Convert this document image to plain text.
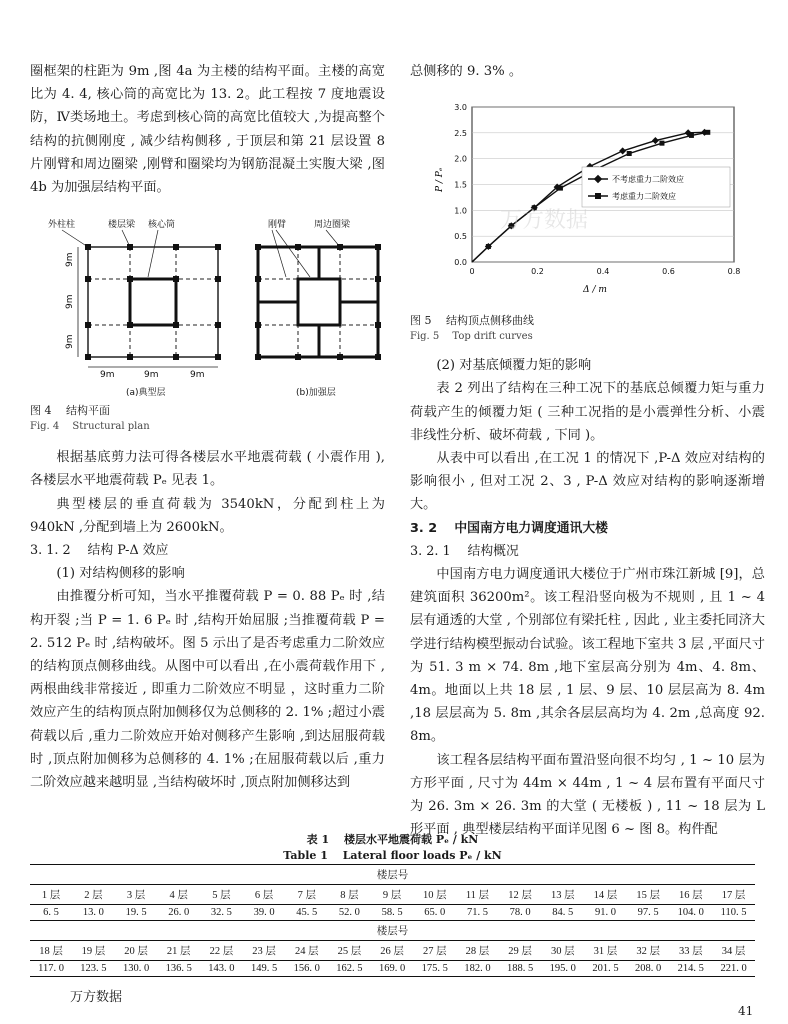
圈框架的柱距为 9m ,图 4a 为主楼的结构平面。主楼的高宽比为 4. 4, 核心筒的高宽比为 13. 2。此工程按 7 度地震设防，Ⅳ类场地土。考虑到核心筒的高宽比值较大 ,为提高整个结构的抗侧刚度 , 减少结构侧移 , 于顶层和第 21 层设置 8 片刚臂和周边圈梁 ,刚臂和圈梁均为钢筋混凝土实腹大梁 ,图 4b 为加强层结构平面。

外柱柱	楼层梁 核心筒	刚臂	周边圈梁
9m
9m
9m
9m	9m	9m
(a)典型层	(b)加强层

图 4　 结构平面

Fig. 4　 Structural plan

根据基底剪力法可得各楼层水平地震荷载 ( 小震作用 ),各楼层水平地震荷载 Pₑ 见表 1。

典型楼层的垂直荷载为 3540kN，分配到柱上为 940kN ,分配到墙上为 2600kN。

3. 1. 2　 结构 P-Δ 效应

(1) 对结构侧移的影响

由推覆分析可知，当水平推覆荷载 P = 0. 88 Pₑ 时 ,结构开裂 ;当 P = 1. 6 Pₑ 时 ,结构开始屈服 ;当推覆荷载 P = 2. 512 Pₑ 时 ,结构破坏。图 5 示出了是否考虑重力二阶效应的结构顶点侧移曲线。从图中可以看出 ,在小震荷载作用下 , 两根曲线非常接近 , 即重力二阶效应不明显 ，这时重力二阶效应产生的结构顶点附加侧移仅为总侧移的 2. 1% ;超过小震荷载以后 ,重力二阶效应开始对侧移产生影响 ,到达屈服荷载时 ,顶点附加侧移为总侧移的 4. 1% ;在屈服荷载以后 ,重力二阶效应越来越明显 ,当结构破坏时 ,顶点附加侧移达到

总侧移的 9. 3% 。

0.0
0.5
1.0
1.5
2.0
2.5
3.0
0	0.2	0.4	0.6	0.8
P / Pₑ
Δ / m
不考虑重力二阶效应
考虑重力二阶效应
万方数据

图 5　 结构顶点侧移曲线

Fig. 5　 Top drift curves

(2) 对基底倾覆力矩的影响

表 2 列出了结构在三种工况下的基底总倾覆力矩与重力荷载产生的倾覆力矩 ( 三种工况指的是小震弹性分析、小震非线性分析、破坏荷载 , 下同 )。

从表中可以看出 ,在工况 1 的情况下 ,P-Δ 效应对结构的影响很小 , 但对工况 2、3 , P-Δ 效应对结构的影响逐渐增大。

3. 2　 中国南方电力调度通讯大楼

3. 2. 1　 结构概况

中国南方电力调度通讯大楼位于广州市珠江新城 [9]，总建筑面积 36200m²。该工程沿竖向极为不规则 , 且 1 ~ 4 层有通透的大堂 , 个别部位有梁托柱 , 因此 , 业主委托同济大学进行结构模型振动台试验。该工程地下室共 3 层 ,平面尺寸为 51. 3 m × 74. 8m ,地下室层高分别为 4m、4. 8m、4m。地面以上共 18 层 , 1 层、9 层、10 层层高为 8. 4m ,18 层层高为 5. 8m ,其余各层层高均为 4. 2m ,总高度 92. 8m。

该工程各层结构平面布置沿竖向很不均匀 , 1 ~ 10 层为方形平面 , 尺寸为 44m × 44m , 1 ~ 4 层布置有平面尺寸为 26. 3m × 26. 3m 的大堂 ( 无楼板 ) , 11 ~ 18 层为 L 形平面 , 典型楼层结构平面详见图 6 ~ 图 8。构件配

表 1　 楼层水平地震荷载 Pₑ / kN

Table 1　 Lateral floor loads Pₑ / kN

楼层号																
1 层	2 层	3 层	4 层	5 层	6 层	7 层	8 层	9 层	10 层	11 层	12 层	13 层	14 层	15 层	16 层	17 层
6. 5	13. 0	19. 5	26. 0	32. 5	39. 0	45. 5	52. 0	58. 5	65. 0	71. 5	78. 0	84. 5	91. 0	97. 5	104. 0	110. 5
楼层号																
18 层	19 层	20 层	21 层	22 层	23 层	24 层	25 层	26 层	27 层	28 层	29 层	30 层	31 层	32 层	33 层	34 层
117. 0	123. 5	130. 0	136. 5	143. 0	149. 5	156. 0	162. 5	169. 0	175. 5	182. 0	188. 5	195. 0	201. 5	208. 0	214. 5	221. 0
万方数据
41
